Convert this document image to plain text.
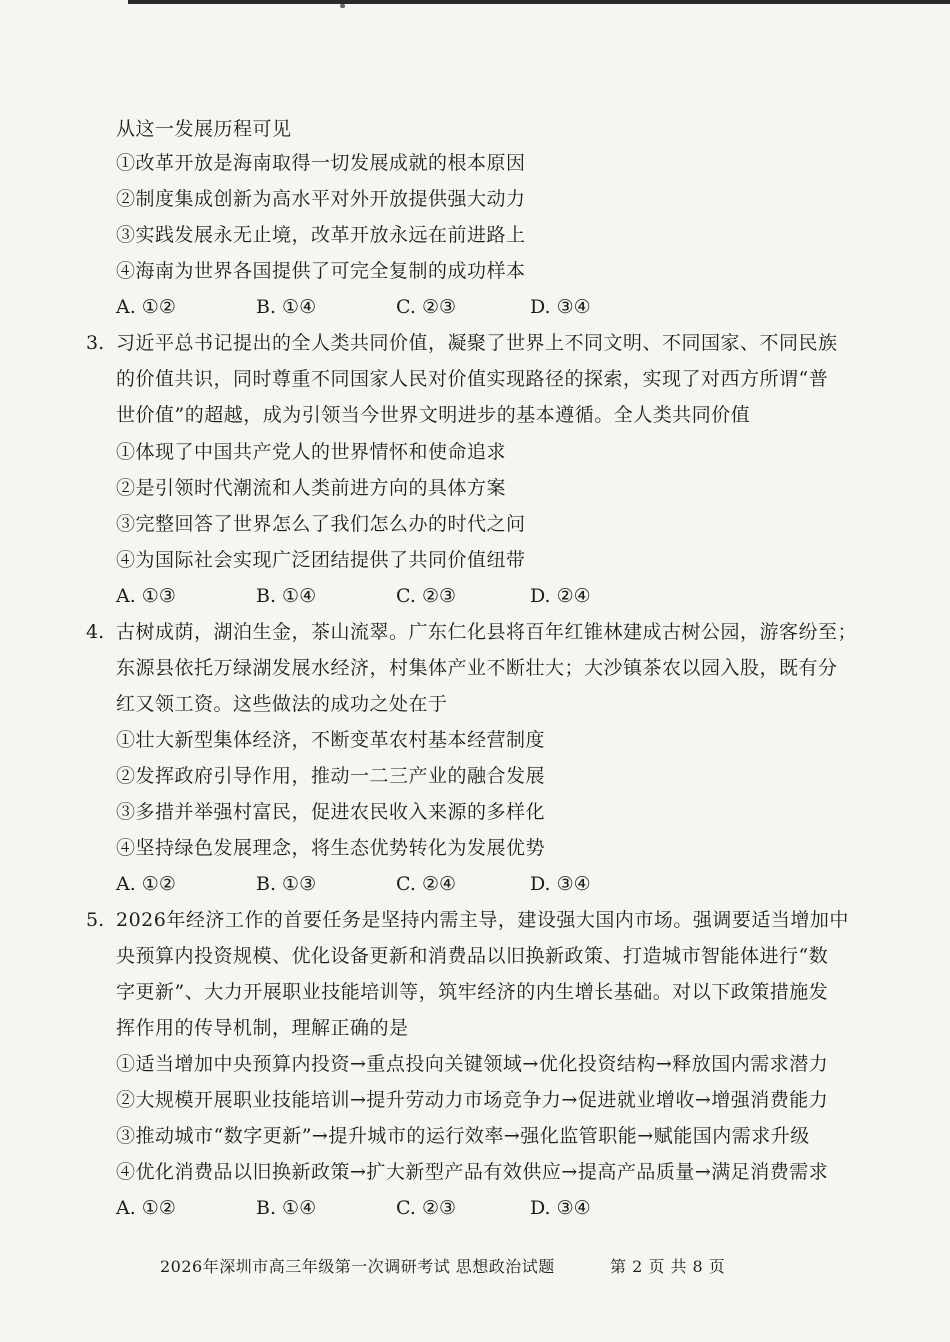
从这一发展历程可见
①改革开放是海南取得一切发展成就的根本原因
②制度集成创新为高水平对外开放提供强大动力
③实践发展永无止境，改革开放永远在前进路上
④海南为世界各国提供了可完全复制的成功样本
A. ①②	B. ①④	C. ②③	D. ③④
3. 习近平总书记提出的全人类共同价值，凝聚了世界上不同文明、不同国家、不同民族
的价值共识，同时尊重不同国家人民对价值实现路径的探索，实现了对西方所谓“普
世价值”的超越，成为引领当今世界文明进步的基本遵循。全人类共同价值
①体现了中国共产党人的世界情怀和使命追求
②是引领时代潮流和人类前进方向的具体方案
③完整回答了世界怎么了我们怎么办的时代之问
④为国际社会实现广泛团结提供了共同价值纽带
A. ①③	B. ①④	C. ②③	D. ②④
4. 古树成荫，湖泊生金，茶山流翠。广东仁化县将百年红锥林建成古树公园，游客纷至；
东源县依托万绿湖发展水经济，村集体产业不断壮大；大沙镇茶农以园入股，既有分
红又领工资。这些做法的成功之处在于
①壮大新型集体经济，不断变革农村基本经营制度
②发挥政府引导作用，推动一二三产业的融合发展
③多措并举强村富民，促进农民收入来源的多样化
④坚持绿色发展理念，将生态优势转化为发展优势
A. ①②	B. ①③	C. ②④	D. ③④
5. 2026年经济工作的首要任务是坚持内需主导，建设强大国内市场。强调要适当增加中
央预算内投资规模、优化设备更新和消费品以旧换新政策、打造城市智能体进行“数
字更新”、大力开展职业技能培训等，筑牢经济的内生增长基础。对以下政策措施发
挥作用的传导机制，理解正确的是
①适当增加中央预算内投资→重点投向关键领域→优化投资结构→释放国内需求潜力
②大规模开展职业技能培训→提升劳动力市场竞争力→促进就业增收→增强消费能力
③推动城市“数字更新”→提升城市的运行效率→强化监管职能→赋能国内需求升级
④优化消费品以旧换新政策→扩大新型产品有效供应→提高产品质量→满足消费需求
A. ①②	B. ①④	C. ②③	D. ③④
2026年深圳市高三年级第一次调研考试 思想政治试题	第 2 页 共 8 页
